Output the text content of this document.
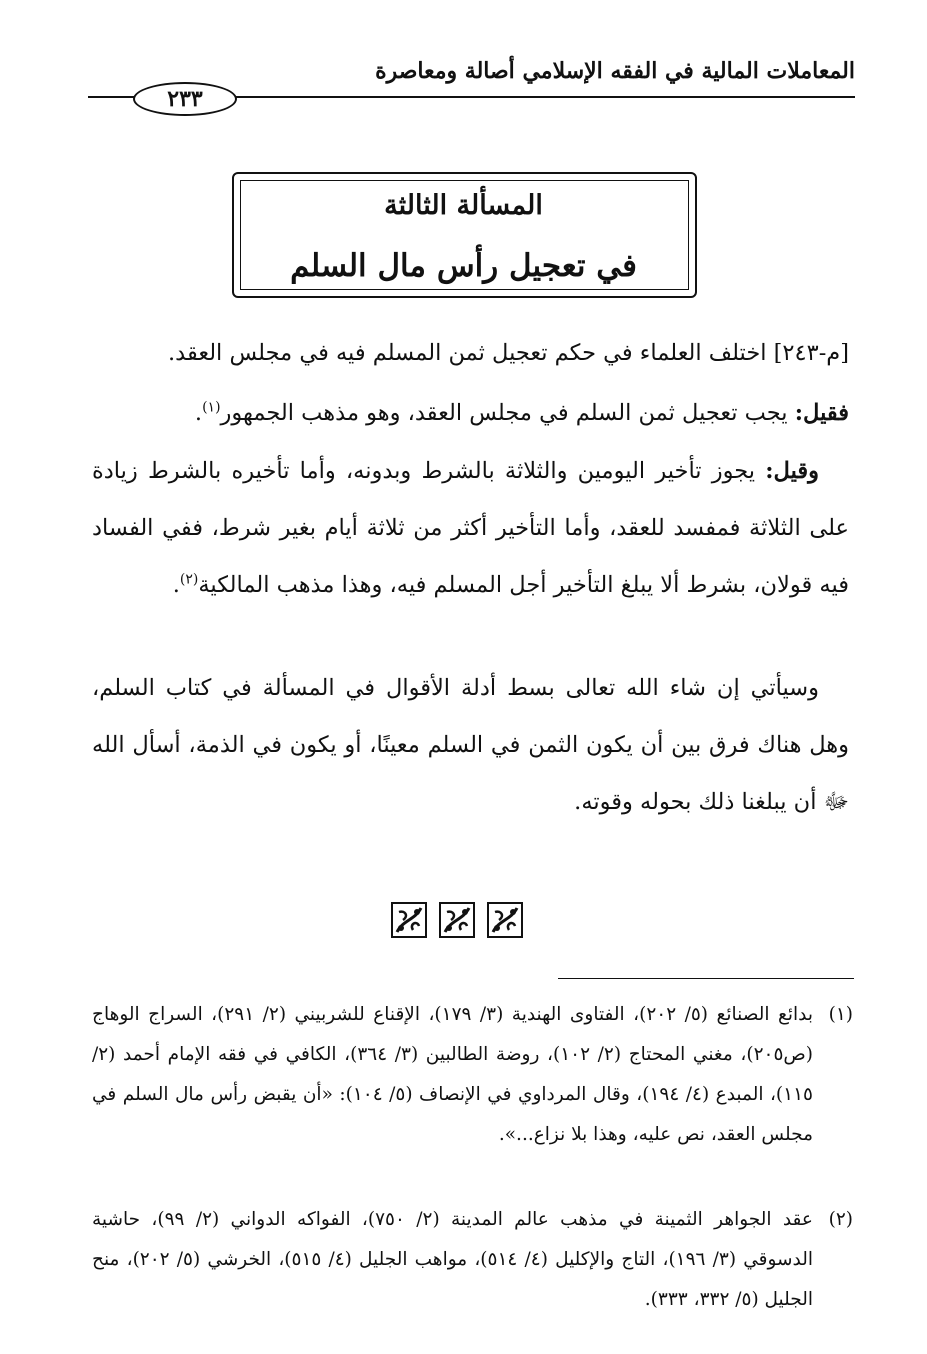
المعاملات المالية في الفقه الإسلامي أصالة ومعاصرة
٢٣٣
المسألة الثالثة
في تعجيل رأس مال السلم
[م-٢٤٣] اختلف العلماء في حكم تعجيل ثمن المسلم فيه في مجلس العقد.
فقيل: يجب تعجيل ثمن السلم في مجلس العقد، وهو مذهب الجمهور$^{(١)}$.
وقيل: يجوز تأخير اليومين والثلاثة بالشرط وبدونه، وأما تأخيره بالشرط زيادة على الثلاثة فمفسد للعقد، وأما التأخير أكثر من ثلاثة أيام بغير شرط، ففي الفساد فيه قولان، بشرط ألا يبلغ التأخير أجل المسلم فيه، وهذا مذهب المالكية$^{(٢)}$.
وسيأتي إن شاء الله تعالى بسط أدلة الأقوال في المسألة في كتاب السلم، وهل هناك فرق بين أن يكون الثمن في السلم معينًا، أو يكون في الذمة، أسأل الله ﷻ أن يبلغنا ذلك بحوله وقوته.
(١)
بدائع الصنائع (٥/ ٢٠٢)، الفتاوى الهندية (٣/ ١٧٩)، الإقناع للشربيني (٢/ ٢٩١)، السراج الوهاج (ص٢٠٥)، مغني المحتاج (٢/ ١٠٢)، روضة الطالبين (٣/ ٣٦٤)، الكافي في فقه الإمام أحمد (٢/ ١١٥)، المبدع (٤/ ١٩٤)، وقال المرداوي في الإنصاف (٥/ ١٠٤): «أن يقبض رأس مال السلم في مجلس العقد، نص عليه، وهذا بلا نزاع...».
(٢)
عقد الجواهر الثمينة في مذهب عالم المدينة (٢/ ٧٥٠)، الفواكه الدواني (٢/ ٩٩)، حاشية الدسوقي (٣/ ١٩٦)، التاج والإكليل (٤/ ٥١٤)، مواهب الجليل (٤/ ٥١٥)، الخرشي (٥/ ٢٠٢)، منح الجليل (٥/ ٣٣٢، ٣٣٣).
